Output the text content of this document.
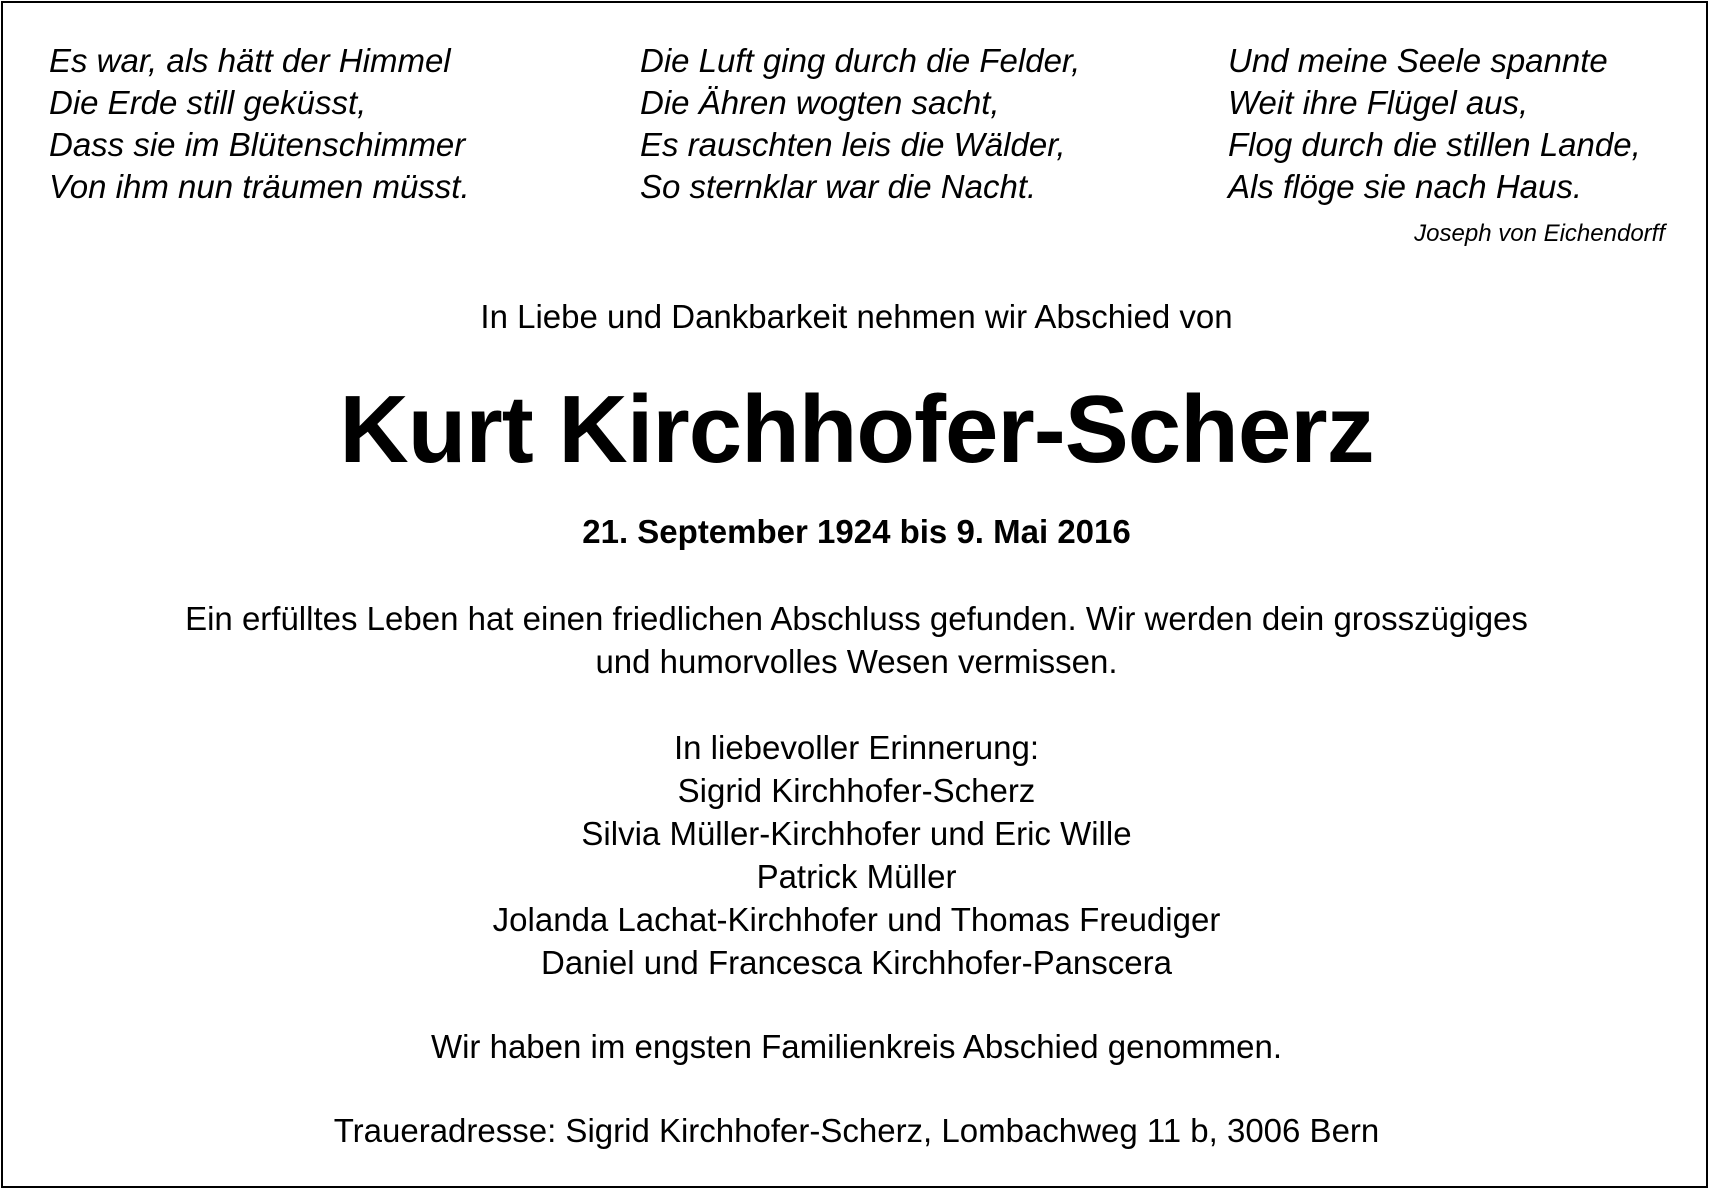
Es war, als hätt der Himmel
Die Erde still geküsst,
Dass sie im Blütenschimmer
Von ihm nun träumen müsst.
Die Luft ging durch die Felder,
Die Ähren wogten sacht,
Es rauschten leis die Wälder,
So sternklar war die Nacht.
Und meine Seele spannte
Weit ihre Flügel aus,
Flog durch die stillen Lande,
Als flöge sie nach Haus.
Joseph von Eichendorff
In Liebe und Dankbarkeit nehmen wir Abschied von
Kurt Kirchhofer-Scherz
21. September 1924 bis 9. Mai 2016
Ein erfülltes Leben hat einen friedlichen Abschluss gefunden. Wir werden dein grosszügiges
und humorvolles Wesen vermissen.
In liebevoller Erinnerung:
Sigrid Kirchhofer-Scherz
Silvia Müller-Kirchhofer und Eric Wille
Patrick Müller
Jolanda Lachat-Kirchhofer und Thomas Freudiger
Daniel und Francesca Kirchhofer-Panscera
Wir haben im engsten Familienkreis Abschied genommen.
Traueradresse: Sigrid Kirchhofer-Scherz, Lombachweg 11 b, 3006 Bern
